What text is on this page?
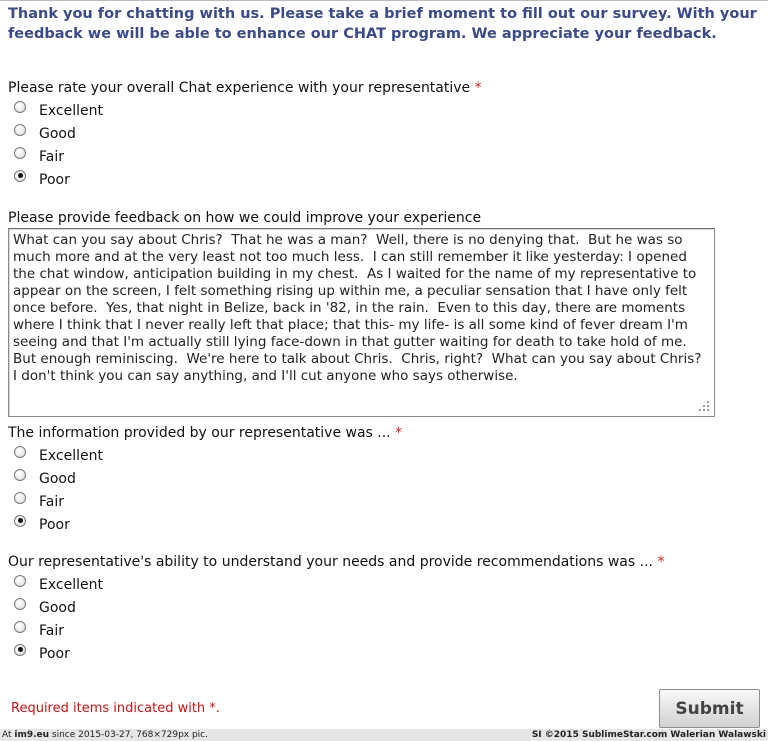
Thank you for chatting with us. Please take a brief moment to fill out our survey. With your feedback we will be able to enhance our CHAT program. We appreciate your feedback.

Please rate your overall Chat experience with your representative *
Excellent
Good
Fair
Poor
Please provide feedback on how we could improve your experience
What can you say about Chris? That he was a man? Well, there is no denying that. But he was so much more and at the very least not too much less. I can still remember it like yesterday: I opened the chat window, anticipation building in my chest. As I waited for the name of my representative to appear on the screen, I felt something rising up within me, a peculiar sensation that I have only felt once before. Yes, that night in Belize, back in '82, in the rain. Even to this day, there are moments where I think that I never really left that place; that this- my life- is all some kind of fever dream I'm seeing and that I'm actually still lying face-down in that gutter waiting for death to take hold of me. But enough reminiscing. We're here to talk about Chris. Chris, right? What can you say about Chris? I don't think you can say anything, and I'll cut anyone who says otherwise.
The information provided by our representative was ... *
Excellent
Good
Fair
Poor
Our representative's ability to understand your needs and provide recommendations was ... *
Excellent
Good
Fair
Poor
Required items indicated with *.	Submit
At im9.eu since 2015-03-27, 768×729px pic.	SI ©2015 SublimeStar.com Walerian Walawski
